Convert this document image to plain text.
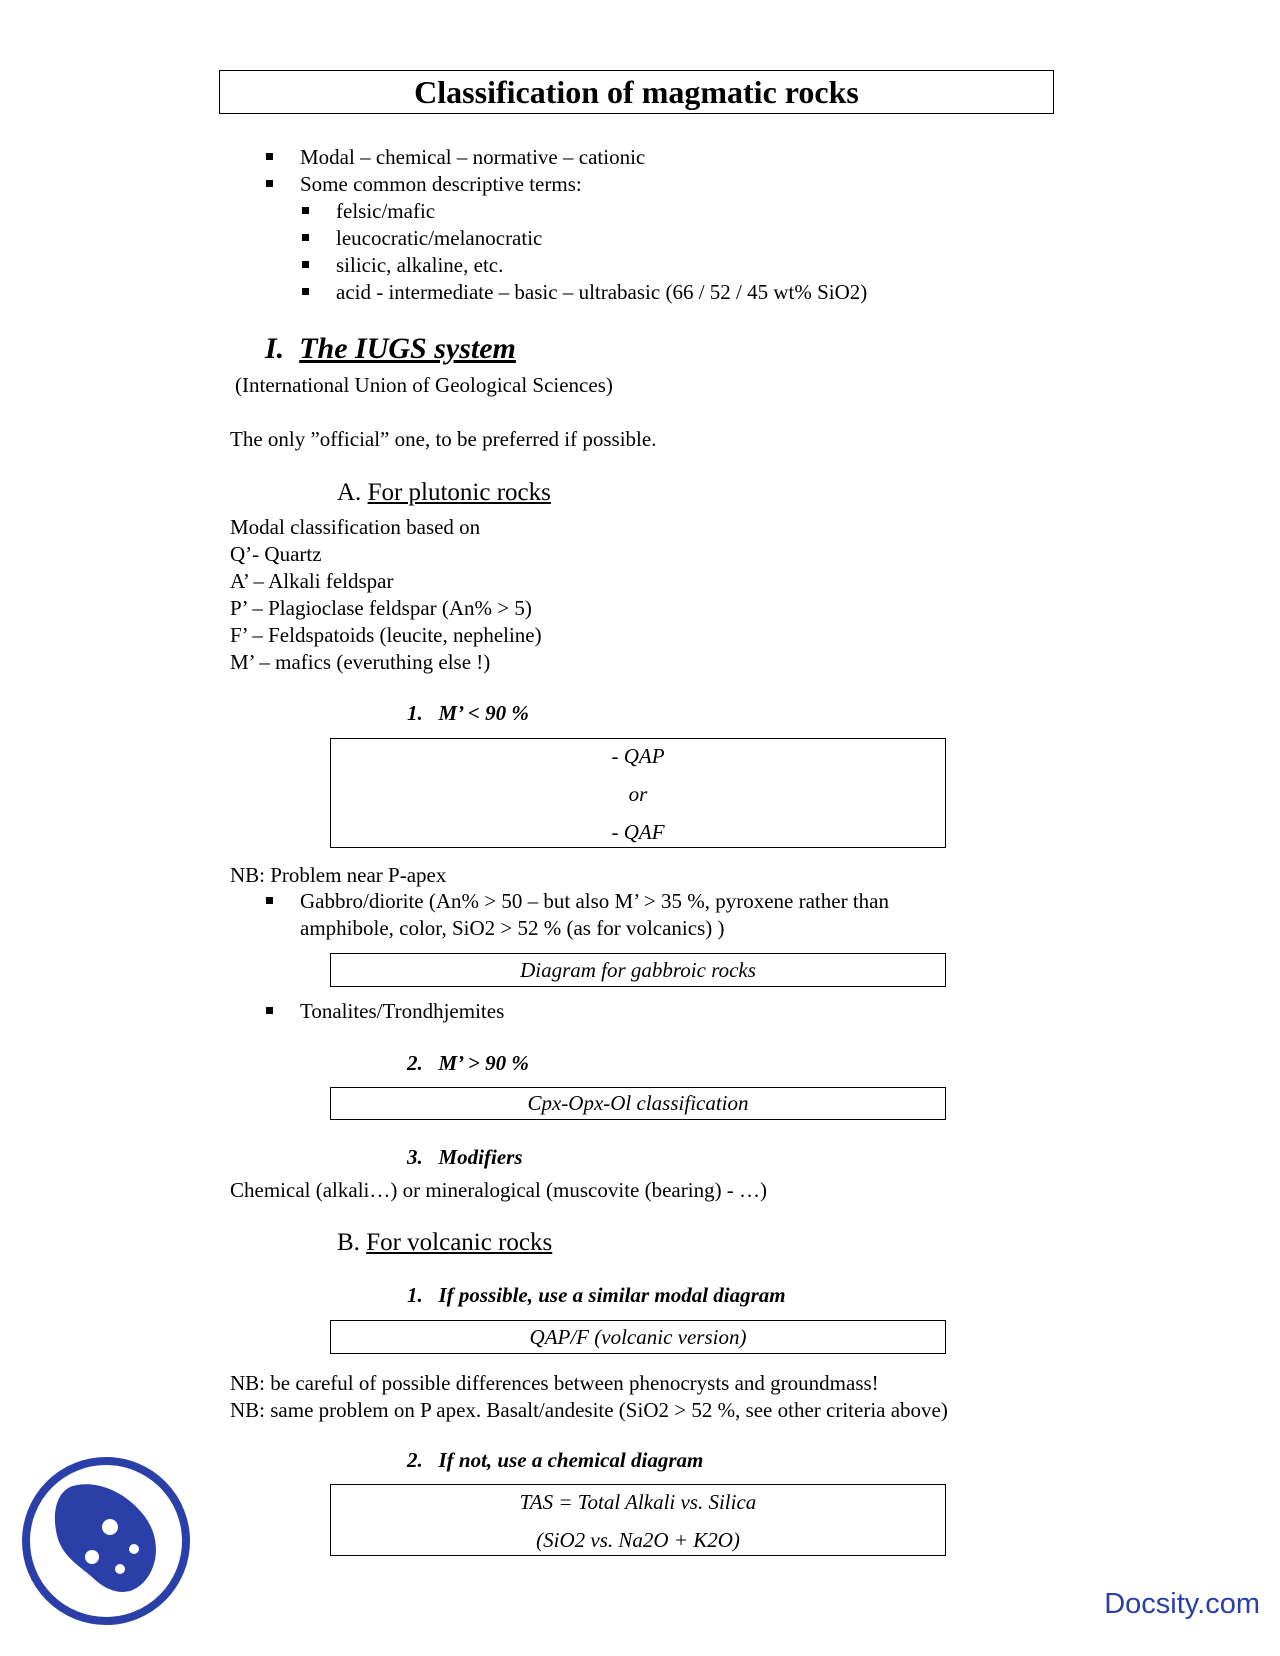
Classification of magmatic rocks
Modal – chemical – normative – cationic
Some common descriptive terms:
felsic/mafic
leucocratic/melanocratic
silicic, alkaline, etc.
acid - intermediate – basic – ultrabasic (66 / 52 / 45 wt% SiO2)
I. The IUGS system
(International Union of Geological Sciences)
The only ”official” one, to be preferred if possible.
A. For plutonic rocks
Modal classification based on
Q’- Quartz
A’ – Alkali feldspar
P’ – Plagioclase feldspar (An% > 5)
F’ – Feldspatoids (leucite, nepheline)
M’ – mafics (everuthing else !)
1. M’ < 90 %
- QAP
or
- QAF
NB: Problem near P-apex
Gabbro/diorite (An% > 50 – but also M’ > 35 %, pyroxene rather than
amphibole, color, SiO2 > 52 % (as for volcanics) )
Diagram for gabbroic rocks
Tonalites/Trondhjemites
2. M’ > 90 %
Cpx-Opx-Ol classification
3. Modifiers
Chemical (alkali…) or mineralogical (muscovite (bearing) - …)
B. For volcanic rocks
1. If possible, use a similar modal diagram
QAP/F (volcanic version)
NB: be careful of possible differences between phenocrysts and groundmass!
NB: same problem on P apex. Basalt/andesite (SiO2 > 52 %, see other criteria above)
2. If not, use a chemical diagram
TAS = Total Alkali vs. Silica
(SiO2 vs. Na2O + K2O)
Docsity.com
